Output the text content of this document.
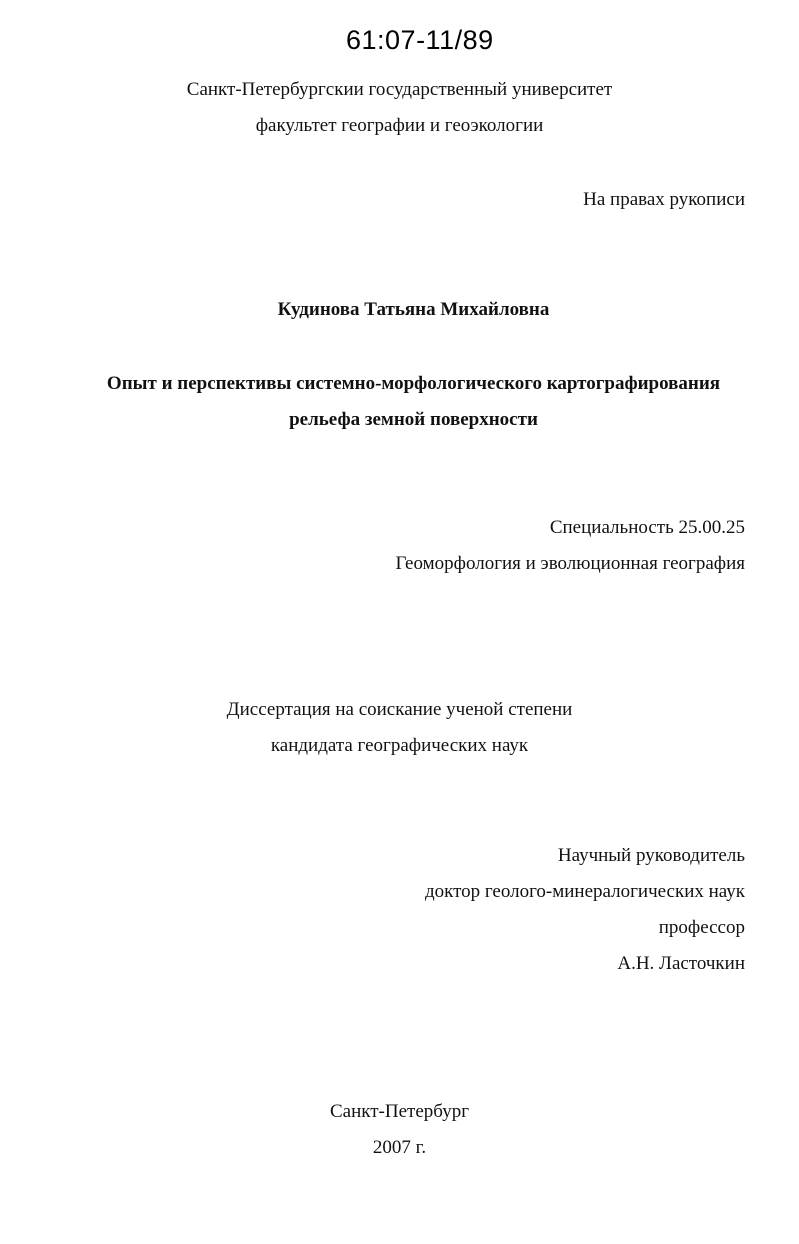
61:07-11/89
Санкт-Петербургскии государственный университет
факультет географии и геоэкологии
На правах рукописи
Кудинова Татьяна Михайловна
Опыт и перспективы системно-морфологического картографирования
рельефа земной поверхности
Специальность 25.00.25
Геоморфология и эволюционная география
Диссертация на соискание ученой степени
кандидата географических наук
Научный руководитель
доктор геолого-минералогических наук
профессор
А.Н. Ласточкин
Санкт-Петербург
2007 г.
